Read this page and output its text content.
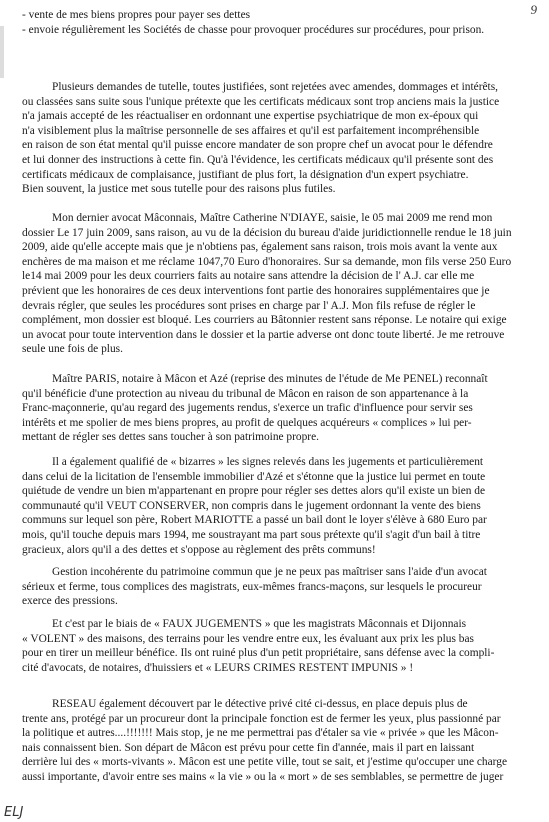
9
- vente de mes biens propres pour payer ses dettes
- envoie régulièrement les Sociétés de chasse pour provoquer procédures sur procédures, pour prison.
Plusieurs demandes de tutelle, toutes justifiées, sont rejetées avec amendes, dommages et intérêts,
ou classées sans suite sous l'unique prétexte que les certificats médicaux sont trop anciens mais la justice
n'a jamais accepté de les réactualiser en ordonnant une expertise psychiatrique de mon ex-époux qui
n'a visiblement plus la maîtrise personnelle de ses affaires et qu'il est parfaitement incompréhensible
en raison de son état mental qu'il puisse encore mandater de son propre chef un avocat pour le défendre
et lui donner des instructions à cette fin. Qu'à l'évidence, les certificats médicaux qu'il présente sont des
certificats médicaux de complaisance, justifiant de plus fort, la désignation d'un expert psychiatre.
Bien souvent, la justice met sous tutelle pour des raisons plus futiles.
Mon dernier avocat Mâconnais, Maître Catherine N'DIAYE, saisie, le 05 mai 2009 me rend mon
dossier Le 17 juin 2009, sans raison, au vu de la décision du bureau d'aide juridictionnelle rendue le 18 juin
2009, aide qu'elle accepte mais que je n'obtiens pas, également sans raison, trois mois avant la vente aux
enchères de ma maison et me réclame 1047,70 Euro d'honoraires. Sur sa demande, mon fils verse 250 Euro
le14 mai 2009 pour les deux courriers faits au notaire sans attendre la décision de l' A.J. car elle me
prévient que les honoraires de ces deux interventions font partie des honoraires supplémentaires que je
devrais régler, que seules les procédures sont prises en charge par l' A.J. Mon fils refuse de régler le
complément, mon dossier est bloqué. Les courriers au Bâtonnier restent sans réponse. Le notaire qui exige
un avocat pour toute intervention dans le dossier et la partie adverse ont donc toute liberté. Je me retrouve
seule une fois de plus.
Maître PARIS, notaire à Mâcon et Azé (reprise des minutes de l'étude de Me PENEL) reconnaît
qu'il bénéficie d'une protection au niveau du tribunal de Mâcon en raison de son appartenance à la
Franc-maçonnerie, qu'au regard des jugements rendus, s'exerce un trafic d'influence pour servir ses
intérêts et me spolier de mes biens propres, au profit de quelques acquéreurs « complices » lui per-
mettant de régler ses dettes sans toucher à son patrimoine propre.
Il a également qualifié de « bizarres » les signes relevés dans les jugements et particulièrement
dans celui de la licitation de l'ensemble immobilier d'Azé et s'étonne que la justice lui permet en toute
quiétude de vendre un bien m'appartenant en propre pour régler ses dettes alors qu'il existe un bien de
communauté qu'il VEUT CONSERVER, non compris dans le jugement ordonnant la vente des biens
communs sur lequel son père, Robert MARIOTTE a passé un bail dont le loyer s'élève à 680 Euro par
mois, qu'il touche depuis mars 1994, me soustrayant ma part sous prétexte qu'il s'agit d'un bail à titre
gracieux, alors qu'il a des dettes et s'oppose au règlement des prêts communs!
Gestion incohérente du patrimoine commun que je ne peux pas maîtriser sans l'aide d'un avocat
sérieux et ferme, tous complices des magistrats, eux-mêmes francs-maçons, sur lesquels le procureur
exerce des pressions.
Et c'est par le biais de « FAUX JUGEMENTS » que les magistrats Mâconnais et Dijonnais
« VOLENT » des maisons, des terrains pour les vendre entre eux, les évaluant aux prix les plus bas
pour en tirer un meilleur bénéfice. Ils ont ruiné plus d'un petit propriétaire, sans défense avec la compli-
cité d'avocats, de notaires, d'huissiers et « LEURS CRIMES RESTENT IMPUNIS » !
RESEAU également découvert par le détective privé cité ci-dessus, en place depuis plus de
trente ans, protégé par un procureur dont la principale fonction est de fermer les yeux, plus passionné par
la politique et autres....!!!!!!! Mais stop, je ne me permettrai pas d'étaler sa vie « privée » que les Mâcon-
nais connaissent bien. Son départ de Mâcon est prévu pour cette fin d'année, mais il part en laissant
derrière lui des « morts-vivants ». Mâcon est une petite ville, tout se sait, et j'estime qu'occuper une charge
aussi importante, d'avoir entre ses mains « la vie » ou la « mort » de ses semblables, se permettre de juger
ELJ
